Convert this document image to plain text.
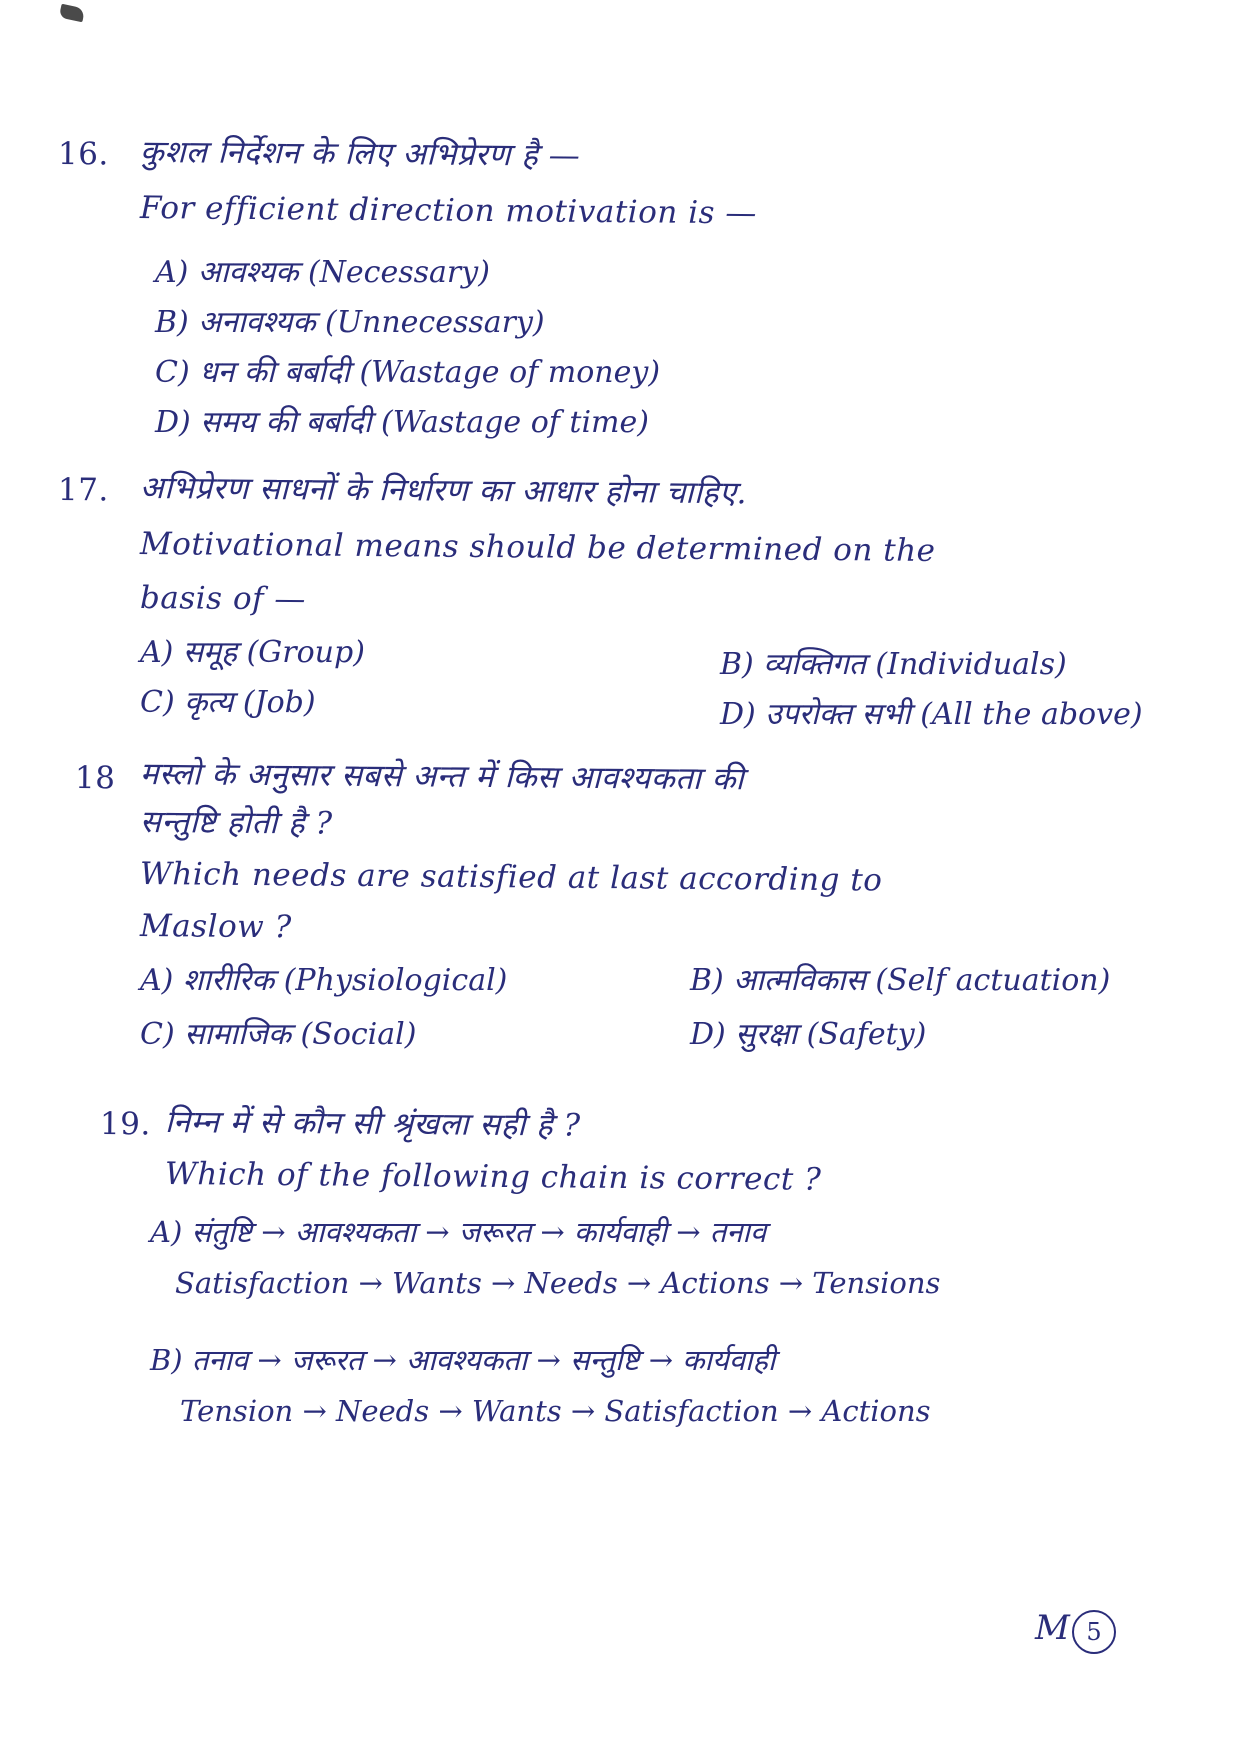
16. कुशल निर्देशन के लिए अभिप्रेरण है —
For efficient direction motivation is —
A) आवश्यक (Necessary)
B) अनावश्यक (Unnecessary)
C) धन की बर्बादी (Wastage of money)
D) समय की बर्बादी (Wastage of time)
17. अभिप्रेरण साधनों के निर्धारण का आधार होना चाहिए.
Motivational means should be determined on the
basis of —
A) समूह (Group)	B) व्यक्तिगत (Individuals)
C) कृत्य (Job)	D) उपरोक्त सभी (All the above)
18 मस्लो के अनुसार सबसे अन्त में किस आवश्यकता की
सन्तुष्टि होती है ?
Which needs are satisfied at last according to
Maslow ?
A) शारीरिक (Physiological)	B) आत्मविकास (Self actuation)
C) सामाजिक (Social)	D) सुरक्षा (Safety)
19. निम्न में से कौन सी श्रृंखला सही है ?
Which of the following chain is correct ?
A) संतुष्टि → आवश्यकता → जरूरत → कार्यवाही → तनाव
Satisfaction → Wants → Needs → Actions → Tensions
B) तनाव → जरूरत → आवश्यकता → सन्तुष्टि → कार्यवाही
Tension → Needs → Wants → Satisfaction → Actions
M 5
